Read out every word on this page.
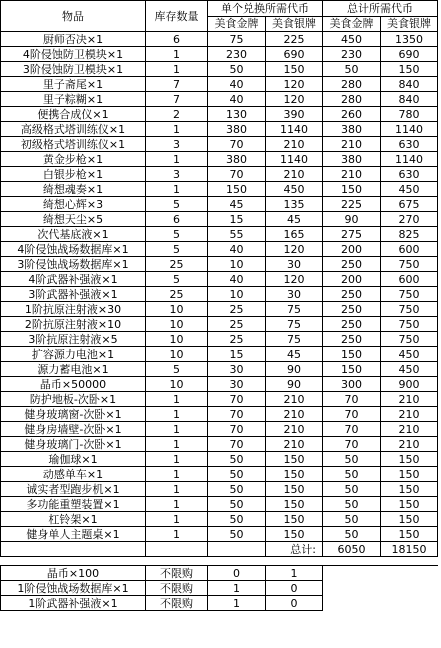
物品	库存数量	单个兑换所需代币		总计所需代币	
		美食金牌	美食银牌	美食金牌	美食银牌
厨师否决×1	6	75	225	450	1350
4阶侵蚀防卫模块×1	1	230	690	230	690
3阶侵蚀防卫模块×1	1	50	150	50	150
里子斋尾×1	7	40	120	280	840
里子粽糊×1	7	40	120	280	840
便携合成仪×1	2	130	390	260	780
高级格式塔训练仪×1	1	380	1140	380	1140
初级格式塔训练仪×1	3	70	210	210	630
黄金步枪×1	1	380	1140	380	1140
白银步枪×1	3	70	210	210	630
绮想魂奏×1	1	150	450	150	450
绮想心辉×3	5	45	135	225	675
绮想天尘×5	6	15	45	90	270
次代基底液×1	5	55	165	275	825
4阶侵蚀战场数据库×1	5	40	120	200	600
3阶侵蚀战场数据库×1	25	10	30	250	750
4阶武器补强液×1	5	40	120	200	600
3阶武器补强液×1	25	10	30	250	750
1阶抗原注射液×30	10	25	75	250	750
2阶抗原注射液×10	10	25	75	250	750
3阶抗原注射液×5	10	25	75	250	750
扩容源力电池×1	10	15	45	150	450
源力蓄电池×1	5	30	90	150	450
晶币×50000	10	30	90	300	900
防护地板-次卧×1	1	70	210	70	210
健身玻璃窗-次卧×1	1	70	210	70	210
健身房墙壁-次卧×1	1	70	210	70	210
健身玻璃门-次卧×1	1	70	210	70	210
瑜伽球×1	1	50	150	50	150
动感单车×1	1	50	150	50	150
诚实者型跑步机×1	1	50	150	50	150
多功能重塑装置×1	1	50	150	50	150
杠铃架×1	1	50	150	50	150
健身单人主题桌×1	1	50	150	50	150
			总计:	6050	18150

晶币×100	不限购	0	1		
1阶侵蚀战场数据库×1	不限购	1	0		
1阶武器补强液×1	不限购	1	0		
